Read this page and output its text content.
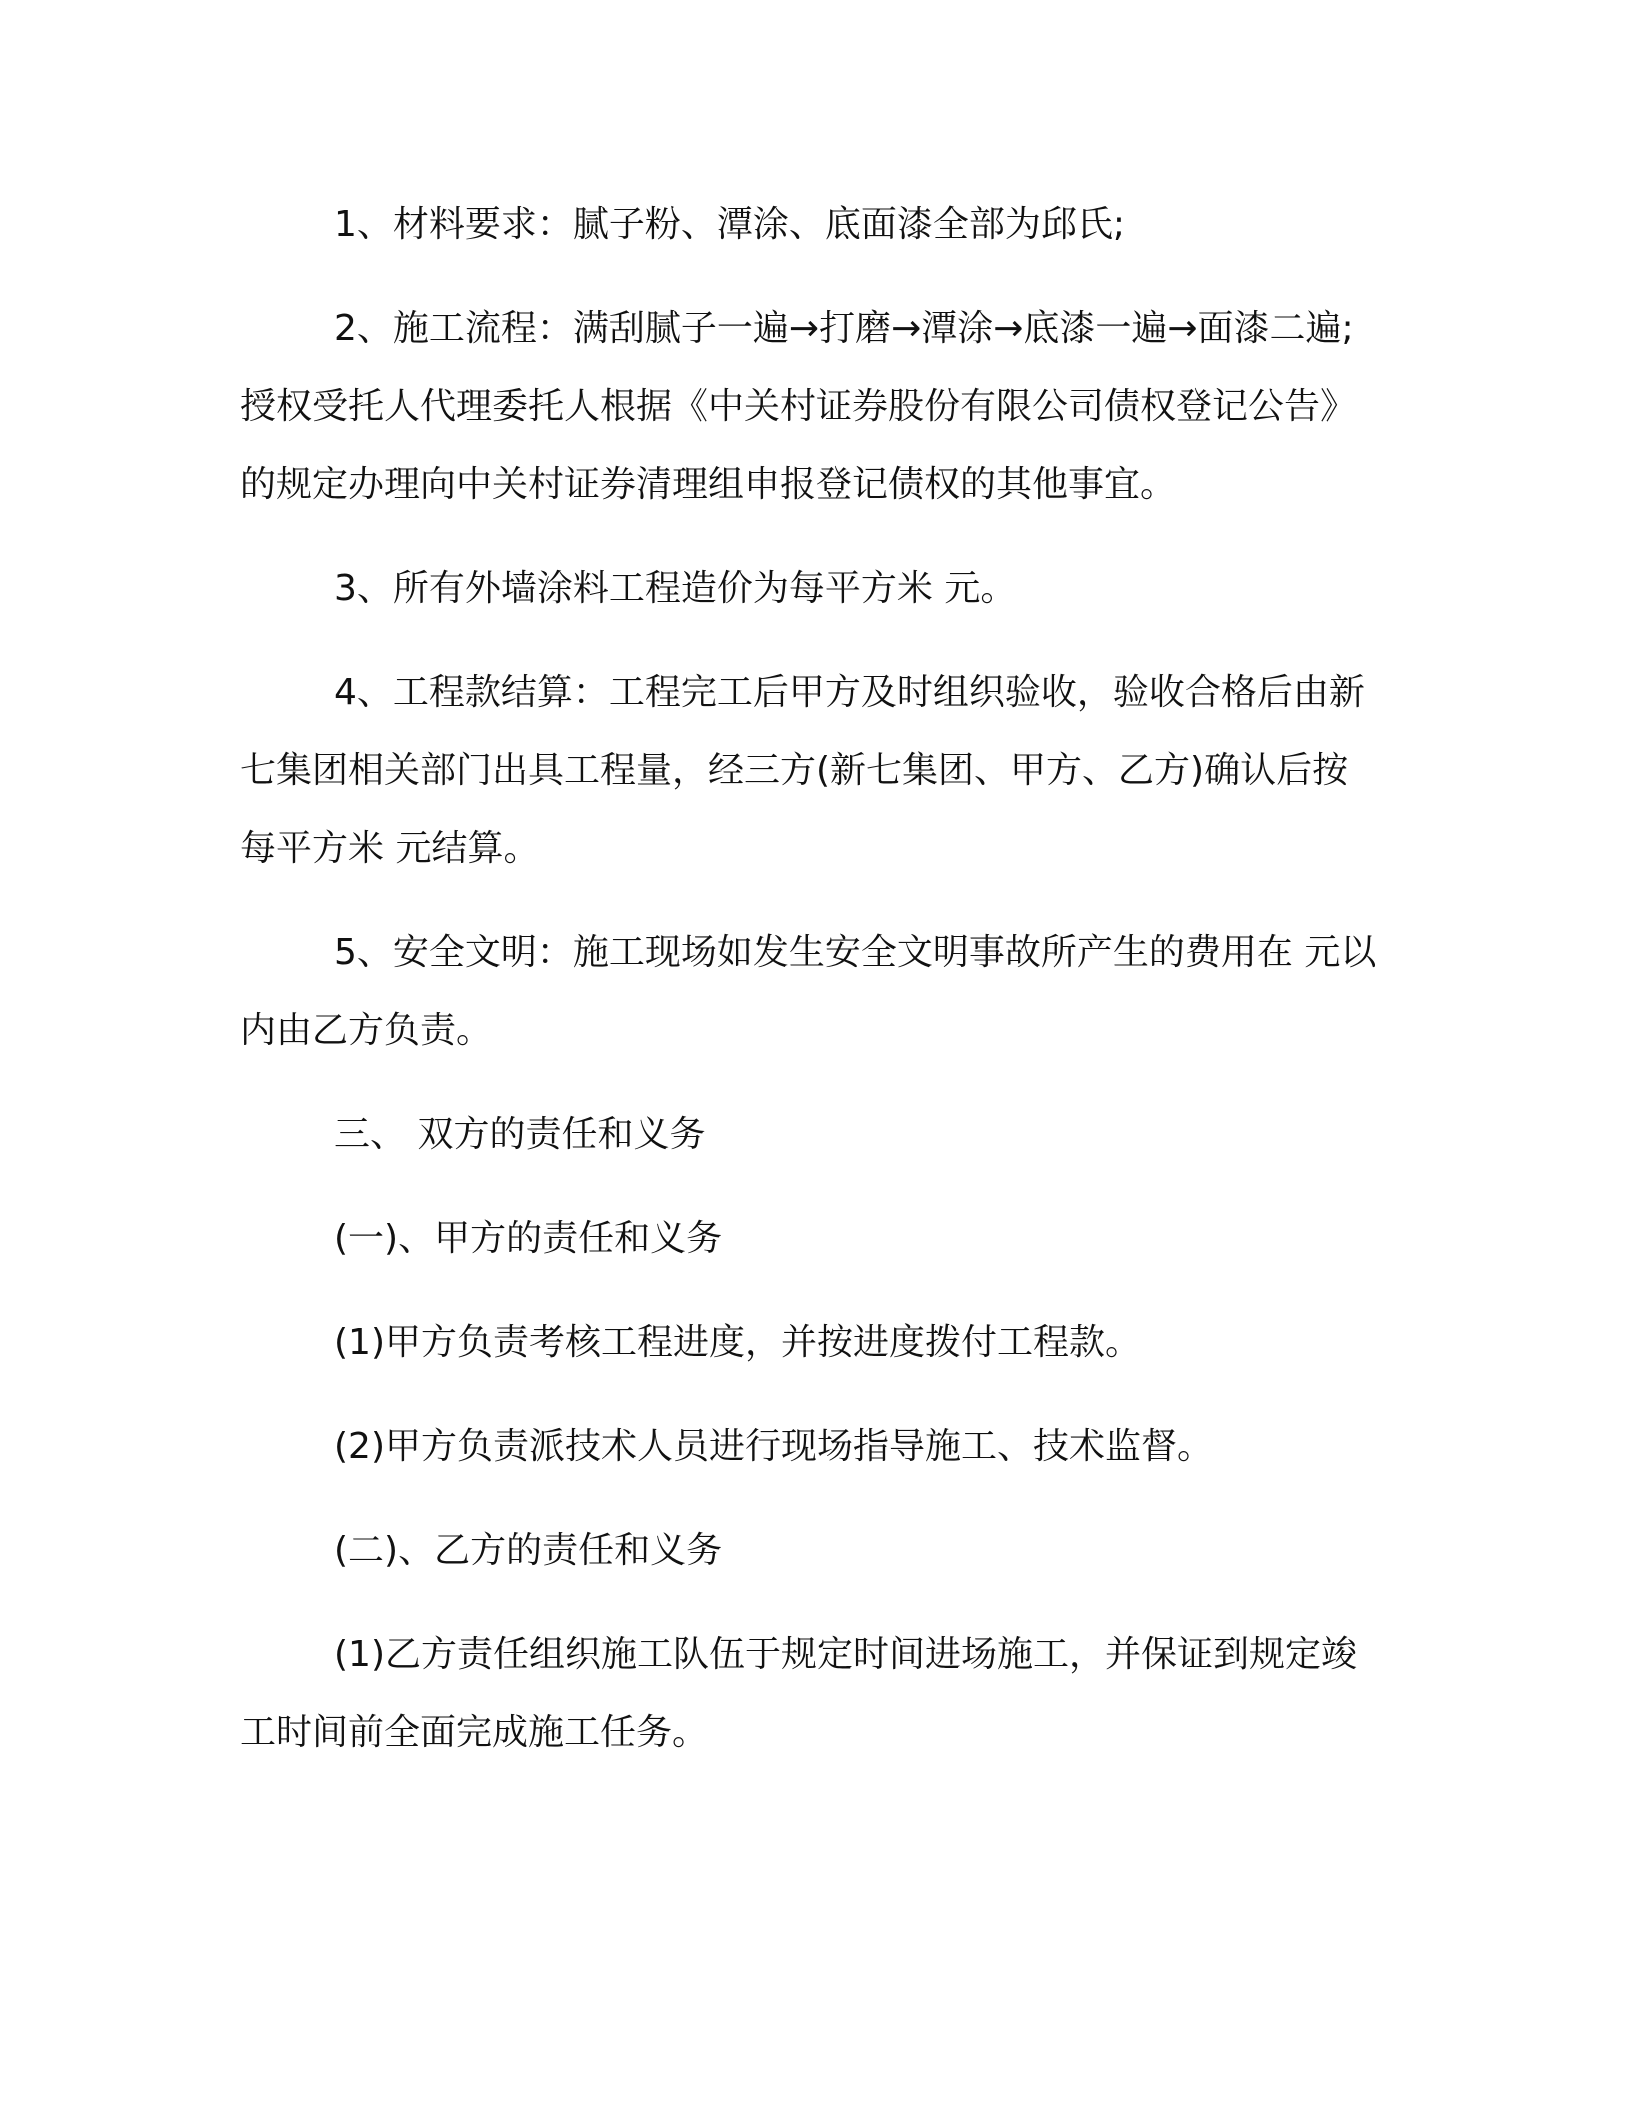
1、材料要求：腻子粉、潭涂、底面漆全部为邱氏;

2、施工流程：满刮腻子一遍→打磨→潭涂→底漆一遍→面漆二遍;授权受托人代理委托人根据《中关村证券股份有限公司债权登记公告》的规定办理向中关村证券清理组申报登记债权的其他事宜。

3、所有外墙涂料工程造价为每平方米 元。

4、工程款结算：工程完工后甲方及时组织验收，验收合格后由新七集团相关部门出具工程量，经三方(新七集团、甲方、乙方)确认后按每平方米 元结算。

5、安全文明：施工现场如发生安全文明事故所产生的费用在 元以内由乙方负责。

三、 双方的责任和义务

(一)、甲方的责任和义务

(1)甲方负责考核工程进度，并按进度拨付工程款。

(2)甲方负责派技术人员进行现场指导施工、技术监督。

(二)、乙方的责任和义务

(1)乙方责任组织施工队伍于规定时间进场施工，并保证到规定竣工时间前全面完成施工任务。
